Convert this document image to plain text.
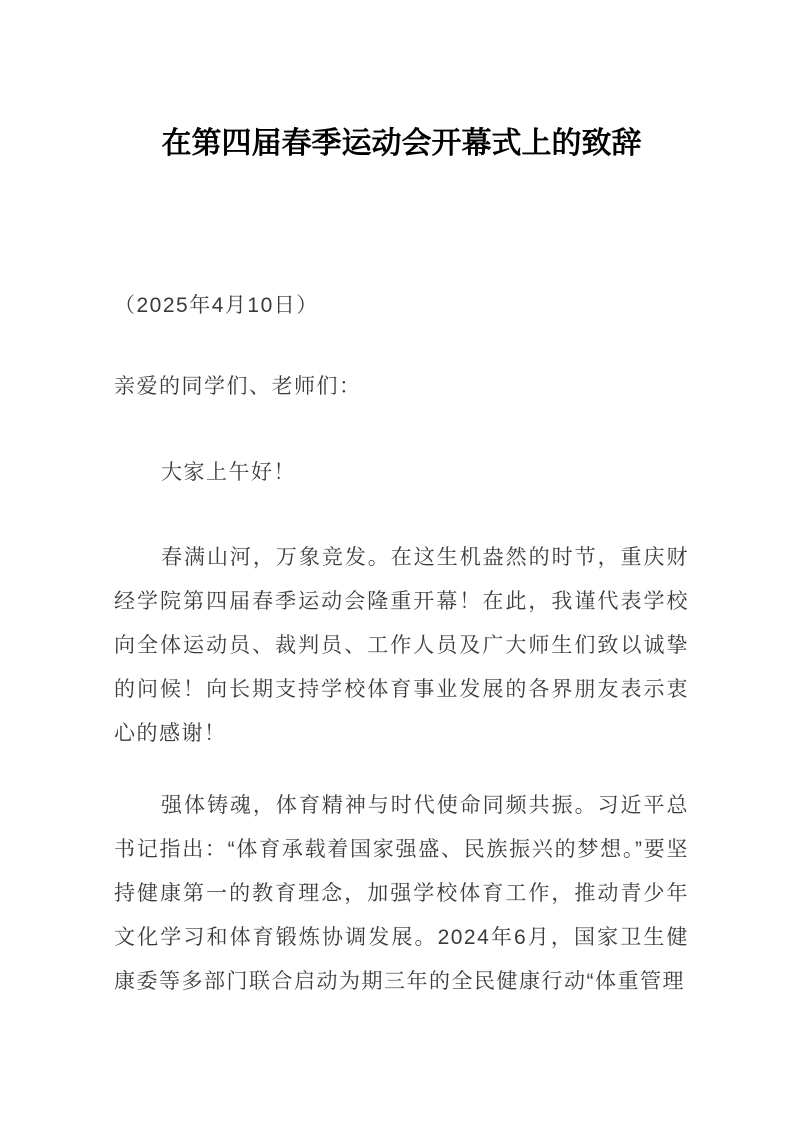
在第四届春季运动会开幕式上的致辞

（2025年4月10日）

亲爱的同学们、老师们：

大家上午好！

春满山河，万象竞发。在这生机盎然的时节，重庆财经学院第四届春季运动会隆重开幕！在此，我谨代表学校向全体运动员、裁判员、工作人员及广大师生们致以诚挚的问候！向长期支持学校体育事业发展的各界朋友表示衷心的感谢！

强体铸魂，体育精神与时代使命同频共振。习近平总书记指出：“体育承载着国家强盛、民族振兴的梦想。”要坚持健康第一的教育理念，加强学校体育工作，推动青少年文化学习和体育锻炼协调发展。2024年6月，国家卫生健康委等多部门联合启动为期三年的全民健康行动“体重管理
